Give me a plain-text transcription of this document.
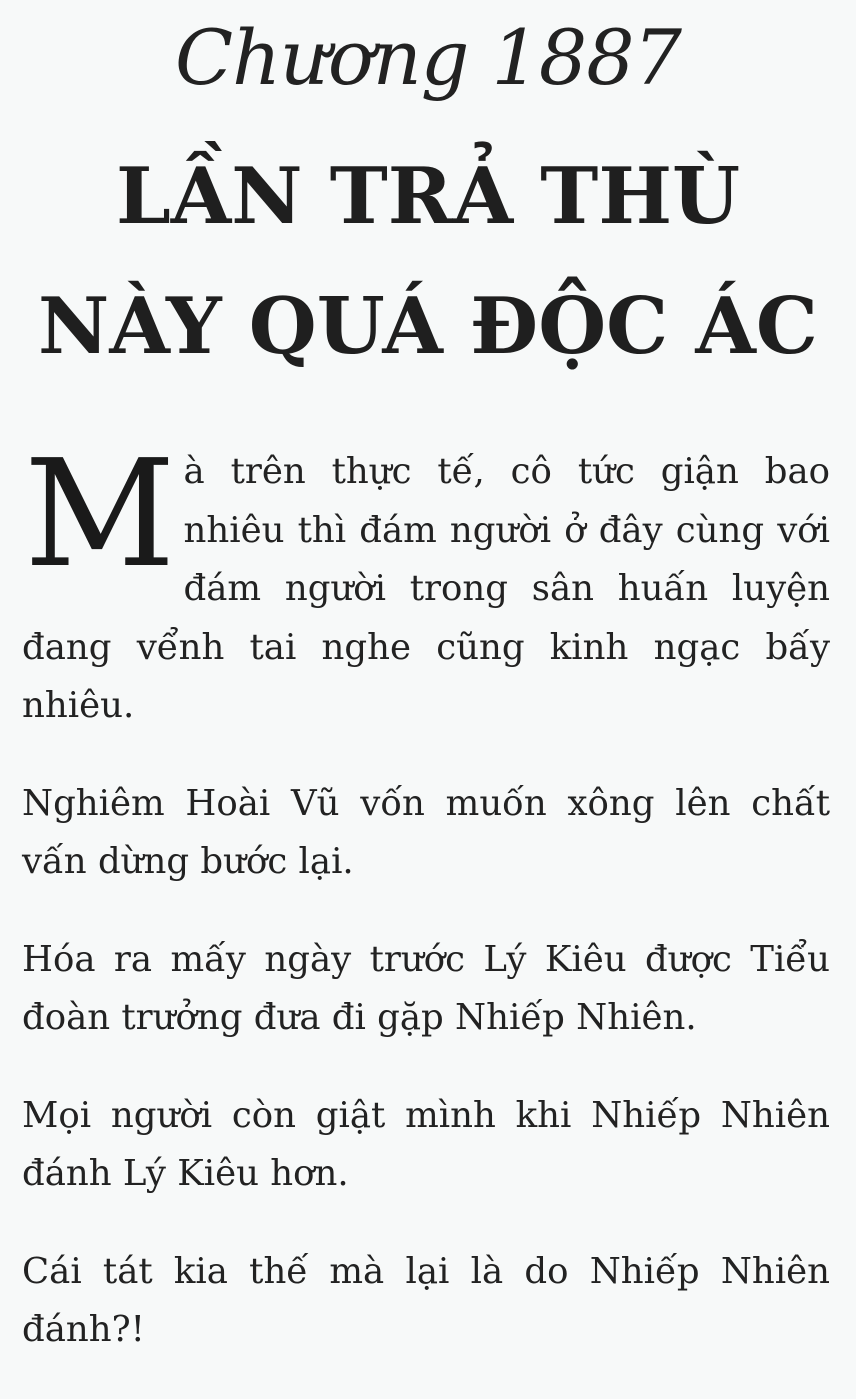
Chương 1887
LẦN TRẢ THÙ
NÀY QUÁ ĐỘC ÁC

Mà trên thực tế, cô tức giận bao nhiêu thì đám người ở đây cùng với đám người trong sân huấn luyện đang vểnh tai nghe cũng kinh ngạc bấy nhiêu.

Nghiêm Hoài Vũ vốn muốn xông lên chất vấn dừng bước lại.

Hóa ra mấy ngày trước Lý Kiêu được Tiểu đoàn trưởng đưa đi gặp Nhiếp Nhiên.

Mọi người còn giật mình khi Nhiếp Nhiên đánh Lý Kiêu hơn.

Cái tát kia thế mà lại là do Nhiếp Nhiên đánh?!
